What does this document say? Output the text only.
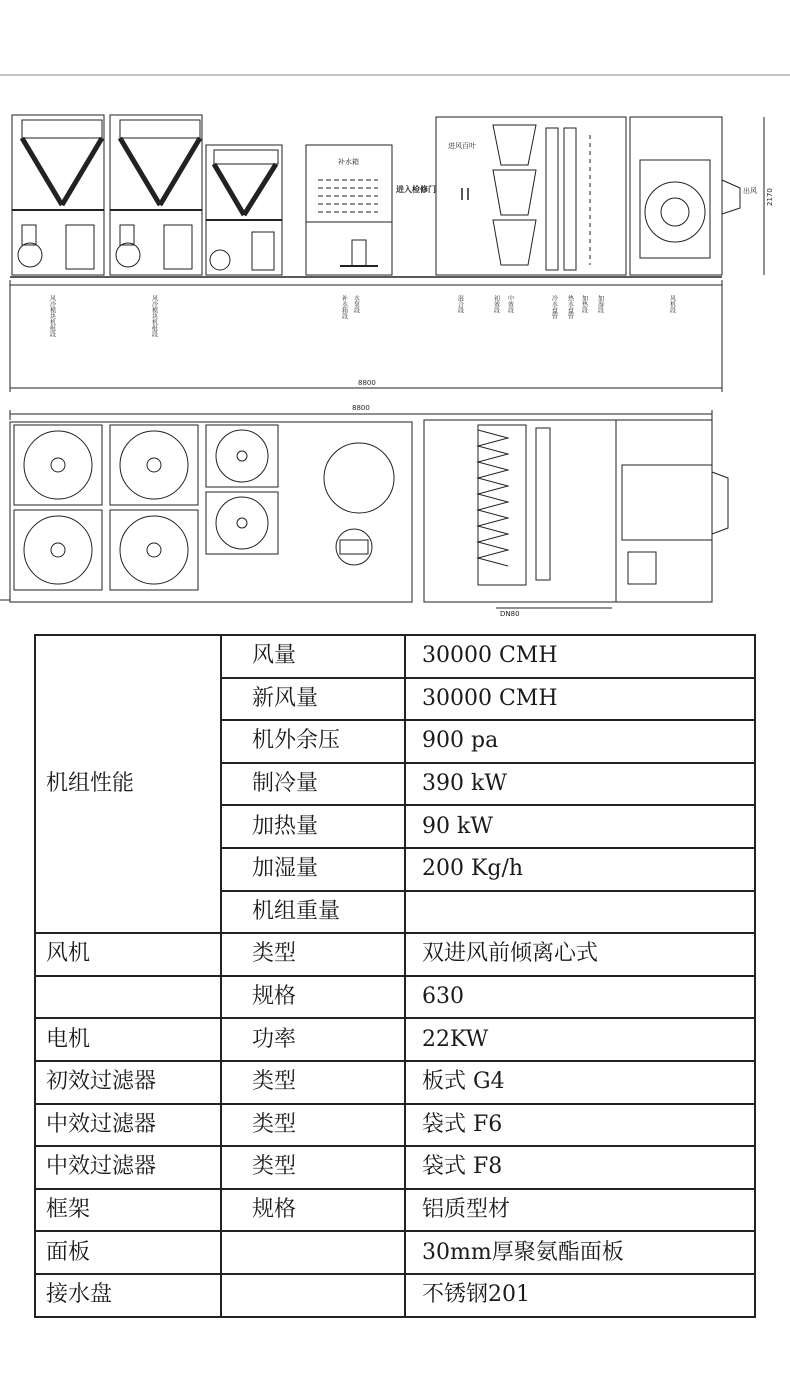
补水箱
进入检修门
进风百叶
出风 2170
风冷模块机组段	风冷模块机组段	补水箱段 水泵段	混合段	初效段 中效段	冷水盘管 热水盘管 加热段 加湿段	风机段
8800
8800
DN80
机组性能	风量	30000 CMH
	新风量	30000 CMH
	机外余压	900 pa
	制冷量	390 kW
	加热量	90 kW
	加湿量	200 Kg/h
	机组重量	
风机	类型	双进风前倾离心式
	规格	630
电机	功率	22KW
初效过滤器	类型	板式 G4
中效过滤器	类型	袋式 F6
中效过滤器	类型	袋式 F8
框架	规格	铝质型材
面板		30mm厚聚氨酯面板
接水盘		不锈钢201
